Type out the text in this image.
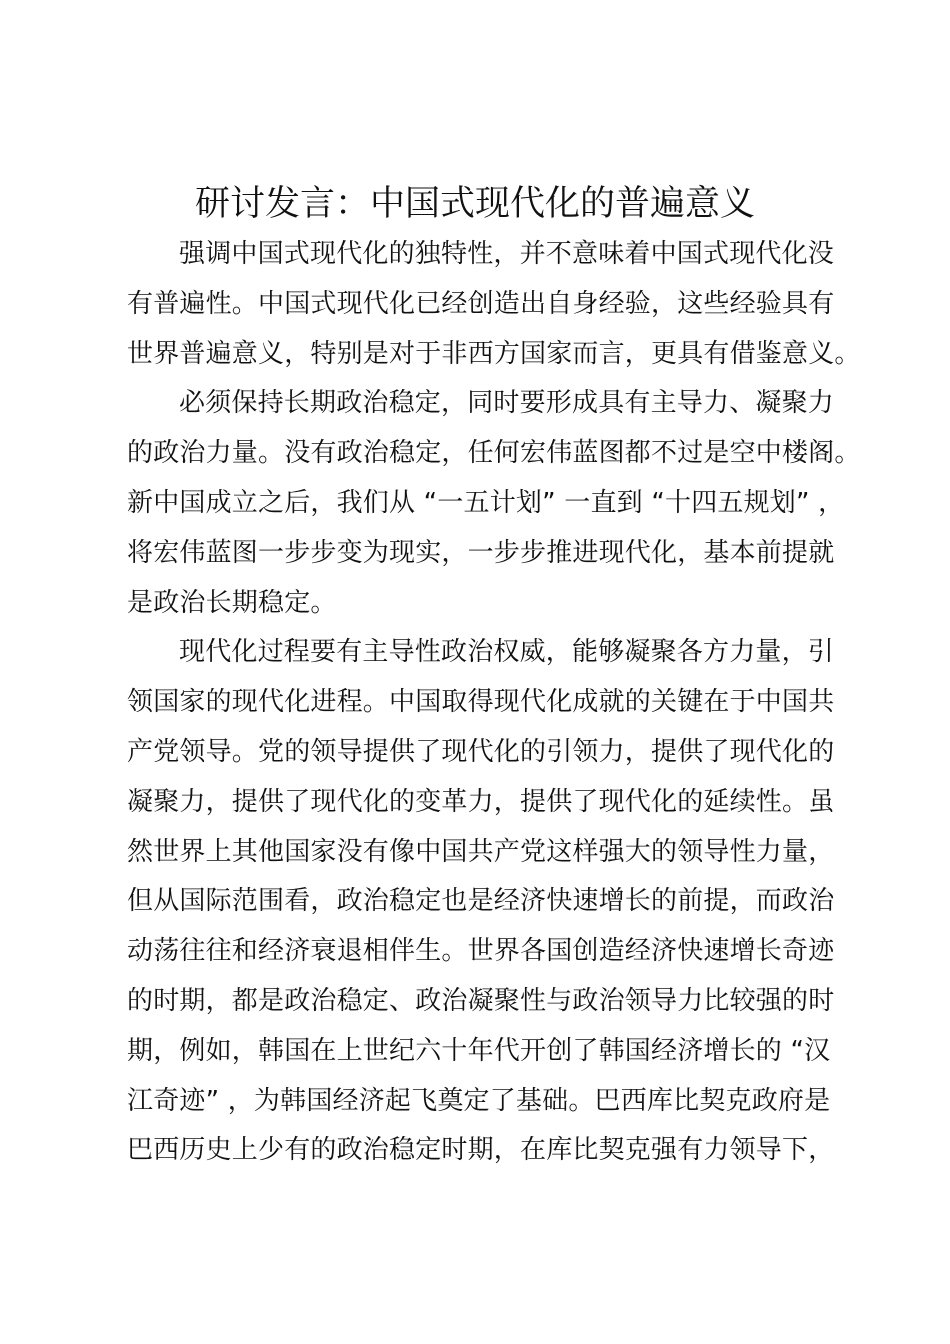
研讨发言：中国式现代化的普遍意义

强调中国式现代化的独特性，并不意味着中国式现代化没
有普遍性。中国式现代化已经创造出自身经验，这些经验具有
世界普遍意义，特别是对于非西方国家而言，更具有借鉴意义。

必须保持长期政治稳定，同时要形成具有主导力、凝聚力
的政治力量。没有政治稳定，任何宏伟蓝图都不过是空中楼阁。
新中国成立之后，我们从 “一五计划” 一直到 “十四五规划” ，
将宏伟蓝图一步步变为现实，一步步推进现代化，基本前提就
是政治长期稳定。

现代化过程要有主导性政治权威，能够凝聚各方力量，引
领国家的现代化进程。中国取得现代化成就的关键在于中国共
产党领导。党的领导提供了现代化的引领力，提供了现代化的
凝聚力，提供了现代化的变革力，提供了现代化的延续性。虽
然世界上其他国家没有像中国共产党这样强大的领导性力量，
但从国际范围看，政治稳定也是经济快速增长的前提，而政治
动荡往往和经济衰退相伴生。世界各国创造经济快速增长奇迹
的时期，都是政治稳定、政治凝聚性与政治领导力比较强的时
期，例如，韩国在上世纪六十年代开创了韩国经济增长的 “汉
江奇迹” ，为韩国经济起飞奠定了基础。巴西库比契克政府是
巴西历史上少有的政治稳定时期，在库比契克强有力领导下，
